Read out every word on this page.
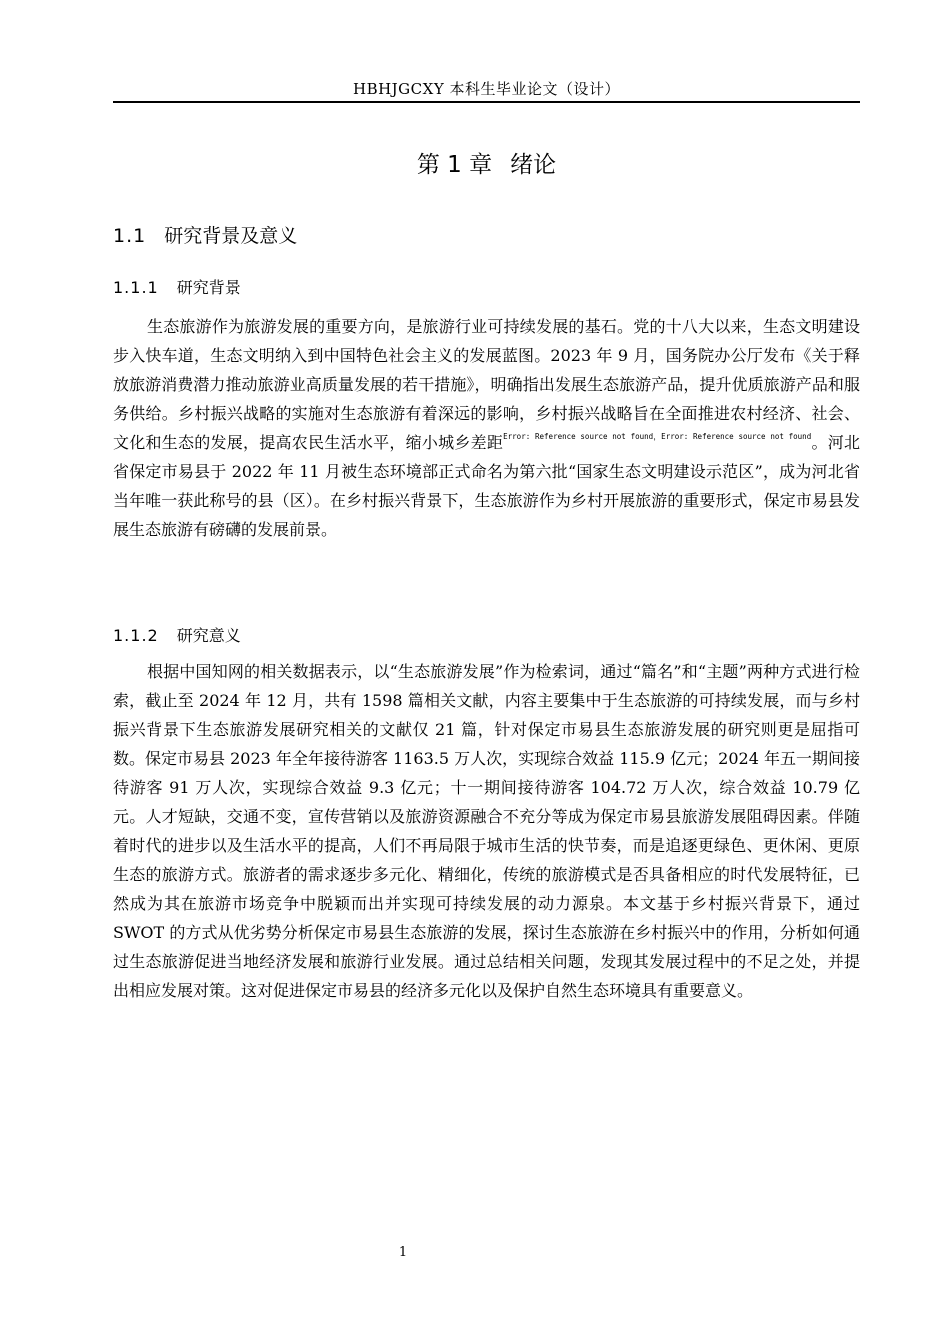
HBHJGCXY 本科生毕业论文（设计）
第 1 章 绪论
1.1 研究背景及意义
1.1.1 研究背景

生态旅游作为旅游发展的重要方向，是旅游行业可持续发展的基石。党的十八大以来，生态文明建设步入快车道，生态文明纳入到中国特色社会主义的发展蓝图。2023 年 9 月，国务院办公厅发布《关于释放旅游消费潜力推动旅游业高质量发展的若干措施》，明确指出发展生态旅游产品，提升优质旅游产品和服务供给。乡村振兴战略的实施对生态旅游有着深远的影响，乡村振兴战略旨在全面推进农村经济、社会、文化和生态的发展，提高农民生活水平，缩小城乡差距$^{Error: Reference source not found,Error: Reference source not found}$。河北省保定市易县于 2022 年 11 月被生态环境部正式命名为第六批“国家生态文明建设示范区”，成为河北省当年唯一获此称号的县（区）。在乡村振兴背景下，生态旅游作为乡村开展旅游的重要形式，保定市易县发展生态旅游有磅礴的发展前景。

1.1.2 研究意义

根据中国知网的相关数据表示，以“生态旅游发展”作为检索词，通过“篇名”和“主题”两种方式进行检索，截止至 2024 年 12 月，共有 1598 篇相关文献，内容主要集中于生态旅游的可持续发展，而与乡村振兴背景下生态旅游发展研究相关的文献仅 21 篇，针对保定市易县生态旅游发展的研究则更是屈指可数。保定市易县 2023 年全年接待游客 1163.5 万人次，实现综合效益 115.9 亿元；2024 年五一期间接待游客 91 万人次，实现综合效益 9.3 亿元；十一期间接待游客 104.72 万人次，综合效益 10.79 亿元。人才短缺，交通不变，宣传营销以及旅游资源融合不充分等成为保定市易县旅游发展阻碍因素。伴随着时代的进步以及生活水平的提高，人们不再局限于城市生活的快节奏，而是追逐更绿色、更休闲、更原生态的旅游方式。旅游者的需求逐步多元化、精细化，传统的旅游模式是否具备相应的时代发展特征，已然成为其在旅游市场竞争中脱颖而出并实现可持续发展的动力源泉。本文基于乡村振兴背景下，通过 SWOT 的方式从优劣势分析保定市易县生态旅游的发展，探讨生态旅游在乡村振兴中的作用，分析如何通过生态旅游促进当地经济发展和旅游行业发展。通过总结相关问题，发现其发展过程中的不足之处，并提出相应发展对策。这对促进保定市易县的经济多元化以及保护自然生态环境具有重要意义。

1
